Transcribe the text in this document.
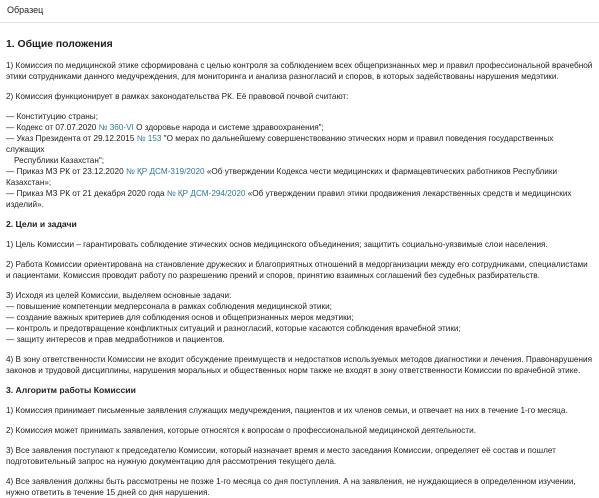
Образец
1. Общие положения

1) Комиссия по медицинской этике сформирована с целью контроля за соблюдением всех общепризнанных мер и правил профессиональной врачебной этики сотрудниками данного медучреждения, для мониторинга и анализа разногласий и споров, в которых задействованы нарушения медэтики.

2) Комиссия функционирует в рамках законодательства РК. Её правовой почвой считают:

— Конституцию страны;
— Кодекс от 07.07.2020 № 360-VI О здоровье народа и системе здравоохранения";
— Указ Президента от 29.12.2015 № 153 "О мерах по дальнейшему совершенствованию этических норм и правил поведения государственных служащих
Республики Казахстан";
— Приказ МЗ РК от 23.12.2020 № ҚР ДСМ-319/2020 «Об утверждении Кодекса чести медицинских и фармацевтических работников Республики Казахстан»;
— Приказ МЗ РК от 21 декабря 2020 года № ҚР ДСМ-294/2020 «Об утверждении правил этики продвижения лекарственных средств и медицинских изделий».
2. Цели и задачи

1) Цель Комиссии – гарантировать соблюдение этических основ медицинского объединения; защитить социально-уязвимые слои населения.

2) Работа Комиссии ориентирована на становление дружеских и благоприятных отношений в медорганизации между его сотрудниками, специалистами и пациентами. Комиссия проводит работу по разрешению прений и споров, принятию взаимных соглашений без судебных разбирательств.

3) Исходя из целей Комиссии, выделяем основные задачи:

— повышение компетенции медперсонала в рамках соблюдения медицинской этики;
— создание важных критериев для соблюдения основ и общепризнанных мерок медэтики;
— контроль и предотвращение конфликтных ситуаций и разногласий, которые касаются соблюдения врачебной этики;
— защиту интересов и прав медработников и пациентов.

4) В зону ответственности Комиссии не входит обсуждение преимуществ и недостатков используемых методов диагностики и лечения. Правонарушения законов и трудовой дисциплины, нарушения моральных и общественных норм также не входят в зону ответственности Комиссии по врачебной этике.

3. Алгоритм работы Комиссии

1) Комиссия принимает письменные заявления служащих медучреждения, пациентов и их членов семьи, и отвечает на них в течение 1-го месяца.

2) Комиссия может принимать заявления, которые относятся к вопросам о профессиональной медицинской деятельности.

3) Все заявления поступают к председателю Комиссии, который назначает время и место заседания Комиссии, определяет её состав и пошлет подготовительный запрос на нужную документацию для рассмотрения текущего дела.

4) Все заявления должны быть рассмотрены не позже 1-го месяца со дня поступления. А на заявления, не нуждающиеся в определенном изучении, нужно ответить в течение 15 дней со дня нарушения.
